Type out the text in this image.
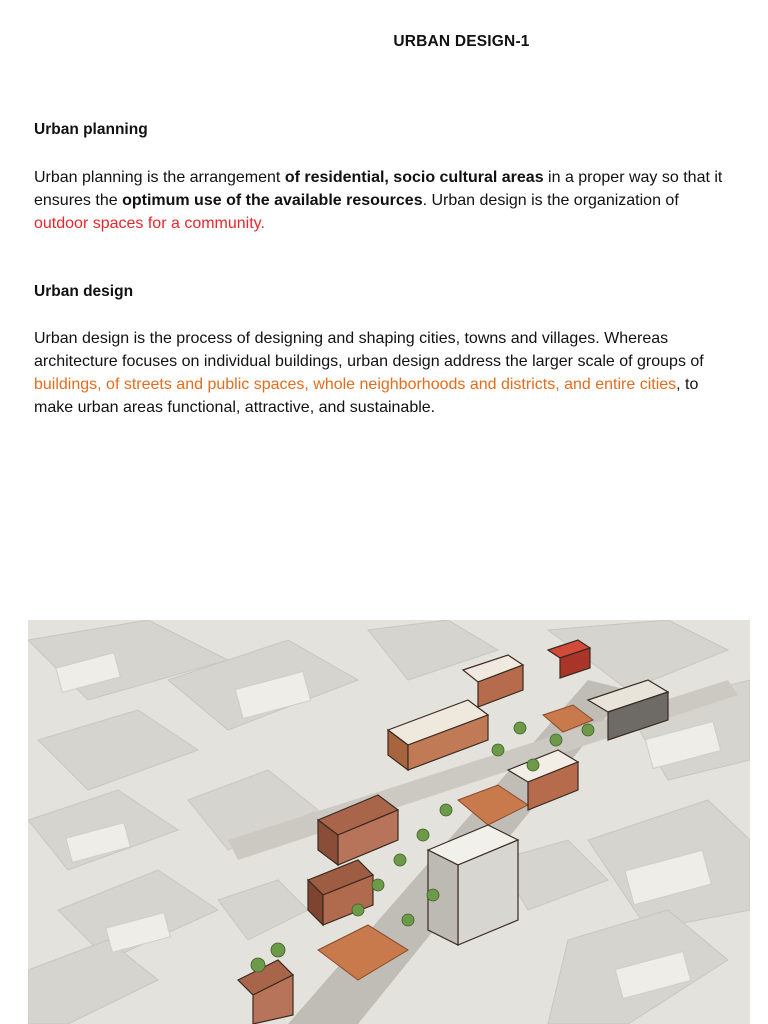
URBAN DESIGN-1
Urban planning
Urban planning is the arrangement of residential, socio cultural areas in a proper way so that it ensures the optimum use of the available resources. Urban design is the organization of outdoor spaces for a community.
Urban design
Urban design is the process of designing and shaping cities, towns and villages. Whereas architecture focuses on individual buildings, urban design address the larger scale of groups of buildings, of streets and public spaces, whole neighborhoods and districts, and entire cities, to make urban areas functional, attractive, and sustainable.
